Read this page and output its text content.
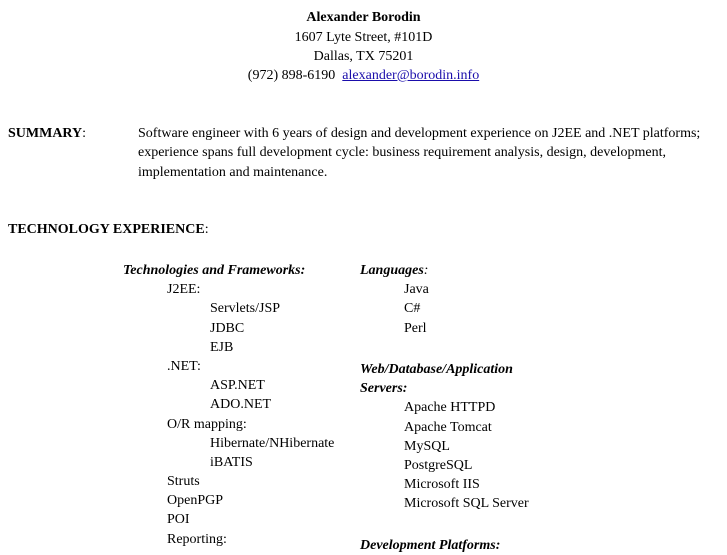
Alexander Borodin
1607 Lyte Street, #101D
Dallas, TX 75201
(972) 898-6190 alexander@borodin.info
SUMMARY:	Software engineer with 6 years of design and development experience on J2EE and .NET platforms; experience spans full development cycle: business requirement analysis, design, development, implementation and maintenance.
TECHNOLOGY EXPERIENCE:
Technologies and Frameworks:
J2EE:
Servlets/JSP
JDBC
EJB
.NET:
ASP.NET
ADO.NET
O/R mapping:
Hibernate/NHibernate
iBATIS
Struts
OpenPGP
POI
Reporting:
Languages:
Java
C#
Perl
Web/Database/Application
Servers:
Apache HTTPD
Apache Tomcat
MySQL
PostgreSQL
Microsoft IIS
Microsoft SQL Server
Development Platforms:
